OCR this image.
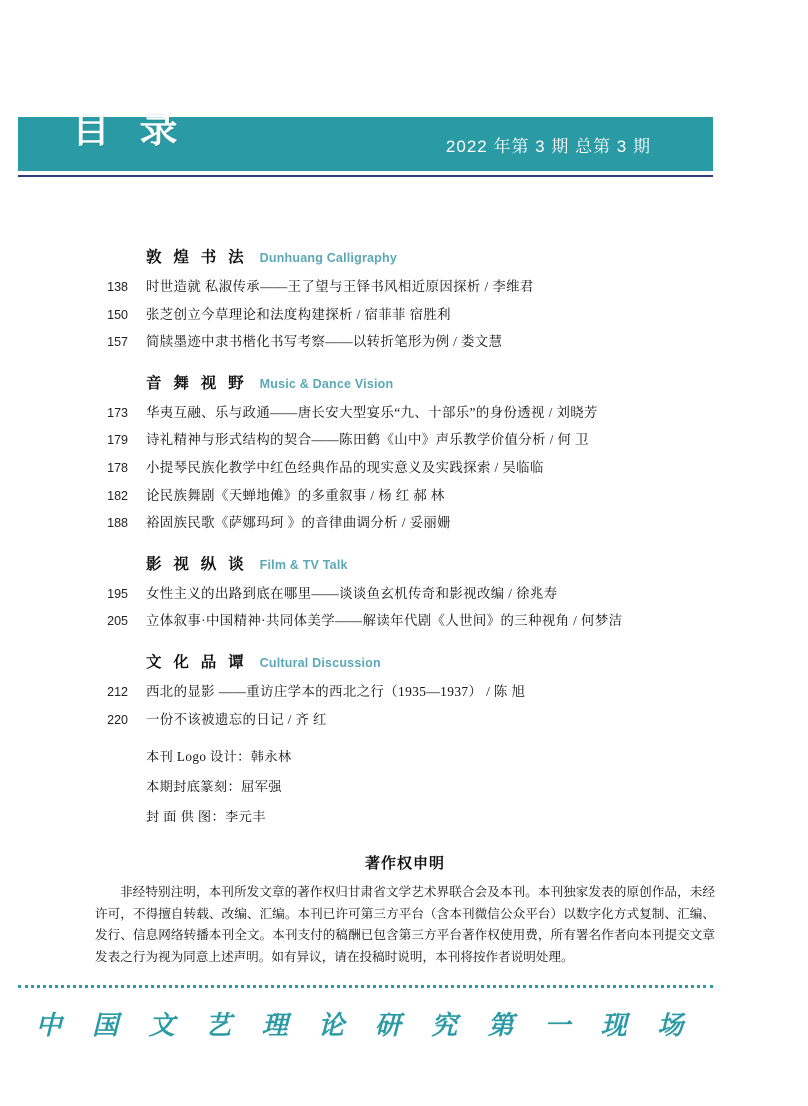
2022 年第 3 期 总第 3 期
目 录
敦 煌 书 法 Dunhuang Calligraphy
138	时世造就 私淑传承——王了望与王铎书风相近原因探析 / 李维君
150	张芝创立今草理论和法度构建探析 / 宿菲菲 宿胜利
157	简牍墨迹中隶书楷化书写考察——以转折笔形为例 / 娄文慧
音 舞 视 野 Music & Dance Vision
173	华夷互融、乐与政通——唐长安大型宴乐“九、十部乐”的身份透视 / 刘晓芳
179	诗礼精神与形式结构的契合——陈田鹤《山中》声乐教学价值分析 / 何 卫
178	小提琴民族化教学中红色经典作品的现实意义及实践探索 / 吴临临
182	论民族舞剧《天蝉地傩》的多重叙事 / 杨 红 郝 林
188	裕固族民歌《萨娜玛珂 》的音律曲调分析 / 妥丽姗
影 视 纵 谈 Film & TV Talk
195	女性主义的出路到底在哪里——谈谈鱼玄机传奇和影视改编 / 徐兆寿
205	立体叙事·中国精神·共同体美学——解读年代剧《人世间》的三种视角 / 何梦洁
文 化 品 谭 Cultural Discussion
212	西北的显影 ——重访庄学本的西北之行（1935—1937） / 陈 旭
220	一份不该被遗忘的日记 / 齐 红
本刊 Logo 设计：韩永林
本期封底篆刻：屈军强
封 面 供 图：李元丰
著作权申明

非经特别注明，本刊所发文章的著作权归甘肃省文学艺术界联合会及本刊。本刊独家发表的原创作品，未经许可，不得擅自转载、改编、汇编。本刊已许可第三方平台（含本刊微信公众平台）以数字化方式复制、汇编、发行、信息网络转播本刊全文。本刊支付的稿酬已包含第三方平台著作权使用费，所有署名作者向本刊提交文章发表之行为视为同意上述声明。如有异议，请在投稿时说明，本刊将按作者说明处理。

中 国 文 艺 理 论 研 究 第 一 现 场
